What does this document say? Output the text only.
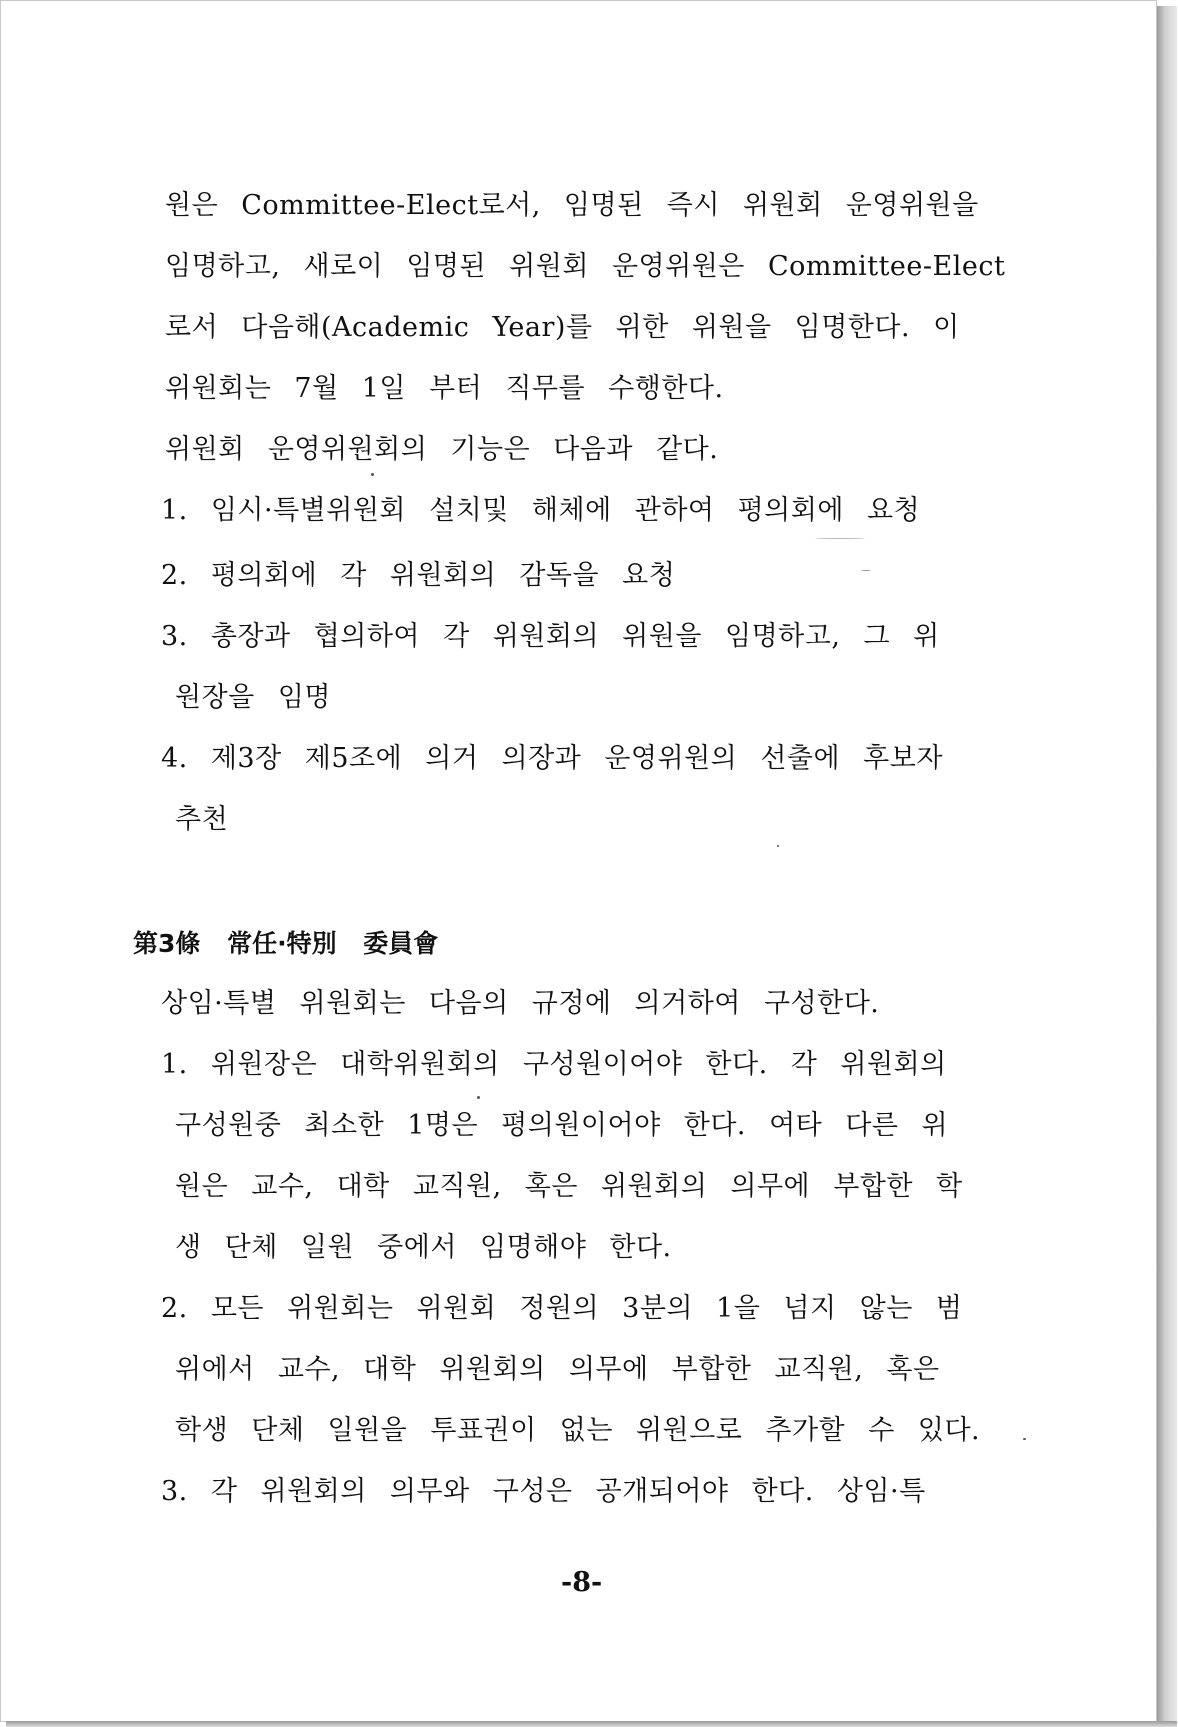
원은 Committee-Elect로서, 임명된 즉시 위원회 운영위원을
임명하고, 새로이 임명된 위원회 운영위원은 Committee-Elect
로서 다음해(Academic Year)를 위한 위원을 임명한다. 이
위원회는 7월 1일 부터 직무를 수행한다.
위원회 운영위원회의 기능은 다음과 같다.
1. 임시·특별위원회 설치및 해체에 관하여 평의회에 요청
2. 평의회에 각 위원회의 감독을 요청
3. 총장과 협의하여 각 위원회의 위원을 임명하고, 그 위
원장을 임명
4. 제3장 제5조에 의거 의장과 운영위원의 선출에 후보자
추천
第3條 常任·特別 委員會
상임·특별 위원회는 다음의 규정에 의거하여 구성한다.
1. 위원장은 대학위원회의 구성원이어야 한다. 각 위원회의
구성원중 최소한 1명은 평의원이어야 한다. 여타 다른 위
원은 교수, 대학 교직원, 혹은 위원회의 의무에 부합한 학
생 단체 일원 중에서 임명해야 한다.
2. 모든 위원회는 위원회 정원의 3분의 1을 넘지 않는 범
위에서 교수, 대학 위원회의 의무에 부합한 교직원, 혹은
학생 단체 일원을 투표권이 없는 위원으로 추가할 수 있다.
3. 각 위원회의 의무와 구성은 공개되어야 한다. 상임·특
-8-
